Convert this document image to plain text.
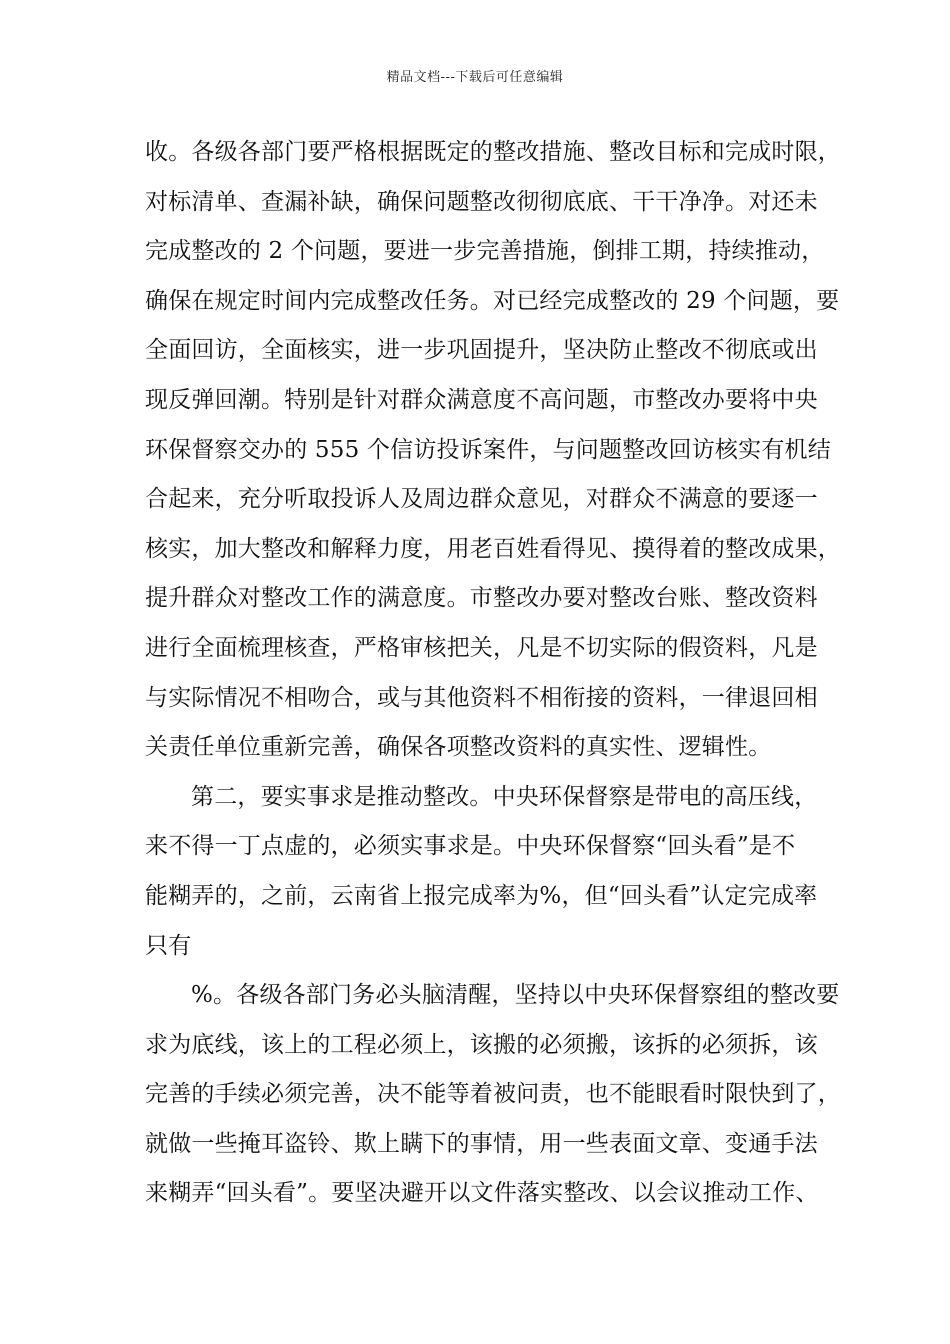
精品文档---下载后可任意编辑
收。各级各部门要严格根据既定的整改措施、整改目标和完成时限，
对标清单、查漏补缺，确保问题整改彻彻底底、干干净净。对还未
完成整改的 2 个问题，要进一步完善措施，倒排工期，持续推动，
确保在规定时间内完成整改任务。对已经完成整改的 29 个问题，要
全面回访，全面核实，进一步巩固提升，坚决防止整改不彻底或出
现反弹回潮。特别是针对群众满意度不高问题，市整改办要将中央
环保督察交办的 555 个信访投诉案件，与问题整改回访核实有机结
合起来，充分听取投诉人及周边群众意见，对群众不满意的要逐一
核实，加大整改和解释力度，用老百姓看得见、摸得着的整改成果，
提升群众对整改工作的满意度。市整改办要对整改台账、整改资料
进行全面梳理核查，严格审核把关，凡是不切实际的假资料，凡是
与实际情况不相吻合，或与其他资料不相衔接的资料，一律退回相
关责任单位重新完善，确保各项整改资料的真实性、逻辑性。
第二，要实事求是推动整改。中央环保督察是带电的高压线，
来不得一丁点虚的，必须实事求是。中央环保督察“回头看”是不
能糊弄的，之前，云南省上报完成率为%，但“回头看”认定完成率
只有
%。各级各部门务必头脑清醒，坚持以中央环保督察组的整改要
求为底线，该上的工程必须上，该搬的必须搬，该拆的必须拆，该
完善的手续必须完善，决不能等着被问责，也不能眼看时限快到了，
就做一些掩耳盗铃、欺上瞒下的事情，用一些表面文章、变通手法
来糊弄“回头看”。要坚决避开以文件落实整改、以会议推动工作、
